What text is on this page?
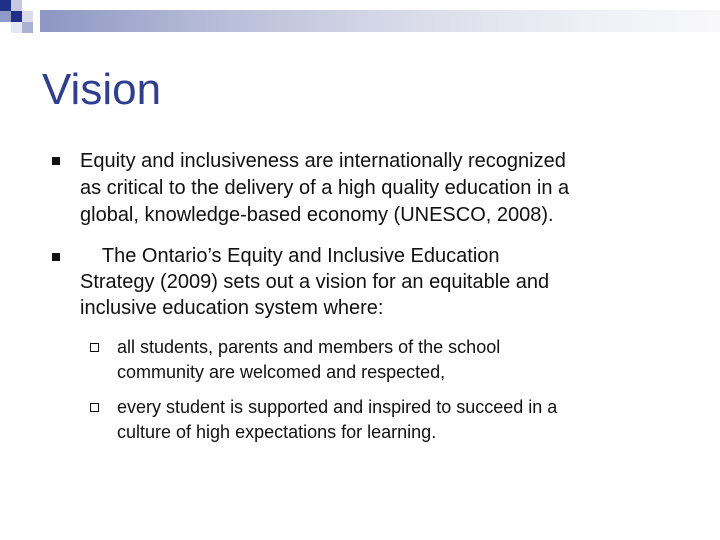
Vision
Equity and inclusiveness are internationally recognized
as critical to the delivery of a high quality education in a
global, knowledge-based economy (UNESCO, 2008).
The Ontario’s Equity and Inclusive Education
Strategy (2009) sets out a vision for an equitable and
inclusive education system where:
all students, parents and members of the school
community are welcomed and respected,
every student is supported and inspired to succeed in a
culture of high expectations for learning.
